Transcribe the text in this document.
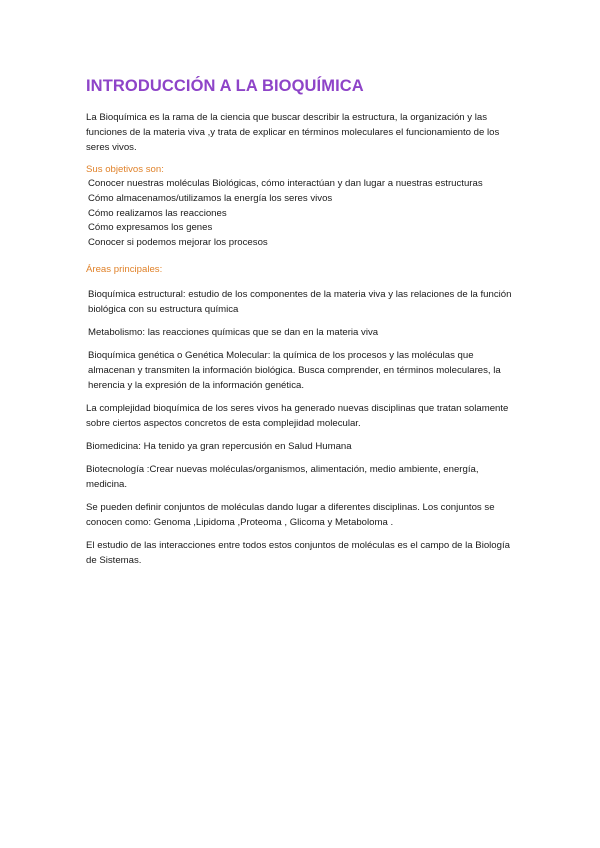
INTRODUCCIÓN A LA BIOQUÍMICA

La Bioquímica es la rama de la ciencia que buscar describir la estructura, la organización y las funciones de la materia viva ,y trata de explicar en términos moleculares el funcionamiento de los seres vivos.

Sus objetivos son:

Conocer nuestras moléculas Biológicas, cómo interactúan y dan lugar a nuestras estructuras
Cómo almacenamos/utilizamos la energía los seres vivos
Cómo realizamos las reacciones
Cómo expresamos los genes
Conocer si podemos mejorar los procesos

Áreas principales:

Bioquímica estructural: estudio de los componentes de la materia viva y las relaciones de la función biológica con su estructura química

Metabolismo: las reacciones químicas que se dan en la materia viva

Bioquímica genética o Genética Molecular: la química de los procesos y las moléculas que almacenan y transmiten la información biológica. Busca comprender, en términos moleculares, la herencia y la expresión de la información genética.

La complejidad bioquímica de los seres vivos ha generado nuevas disciplinas que tratan solamente sobre ciertos aspectos concretos de esta complejidad molecular.

Biomedicina: Ha tenido ya gran repercusión en Salud Humana

Biotecnología :Crear nuevas moléculas/organismos, alimentación, medio ambiente, energía, medicina.

Se pueden definir conjuntos de moléculas dando lugar a diferentes disciplinas. Los conjuntos se conocen como: Genoma ,Lipidoma ,Proteoma , Glicoma y Metaboloma .

El estudio de las interacciones entre todos estos conjuntos de moléculas es el campo de la Biología de Sistemas.
